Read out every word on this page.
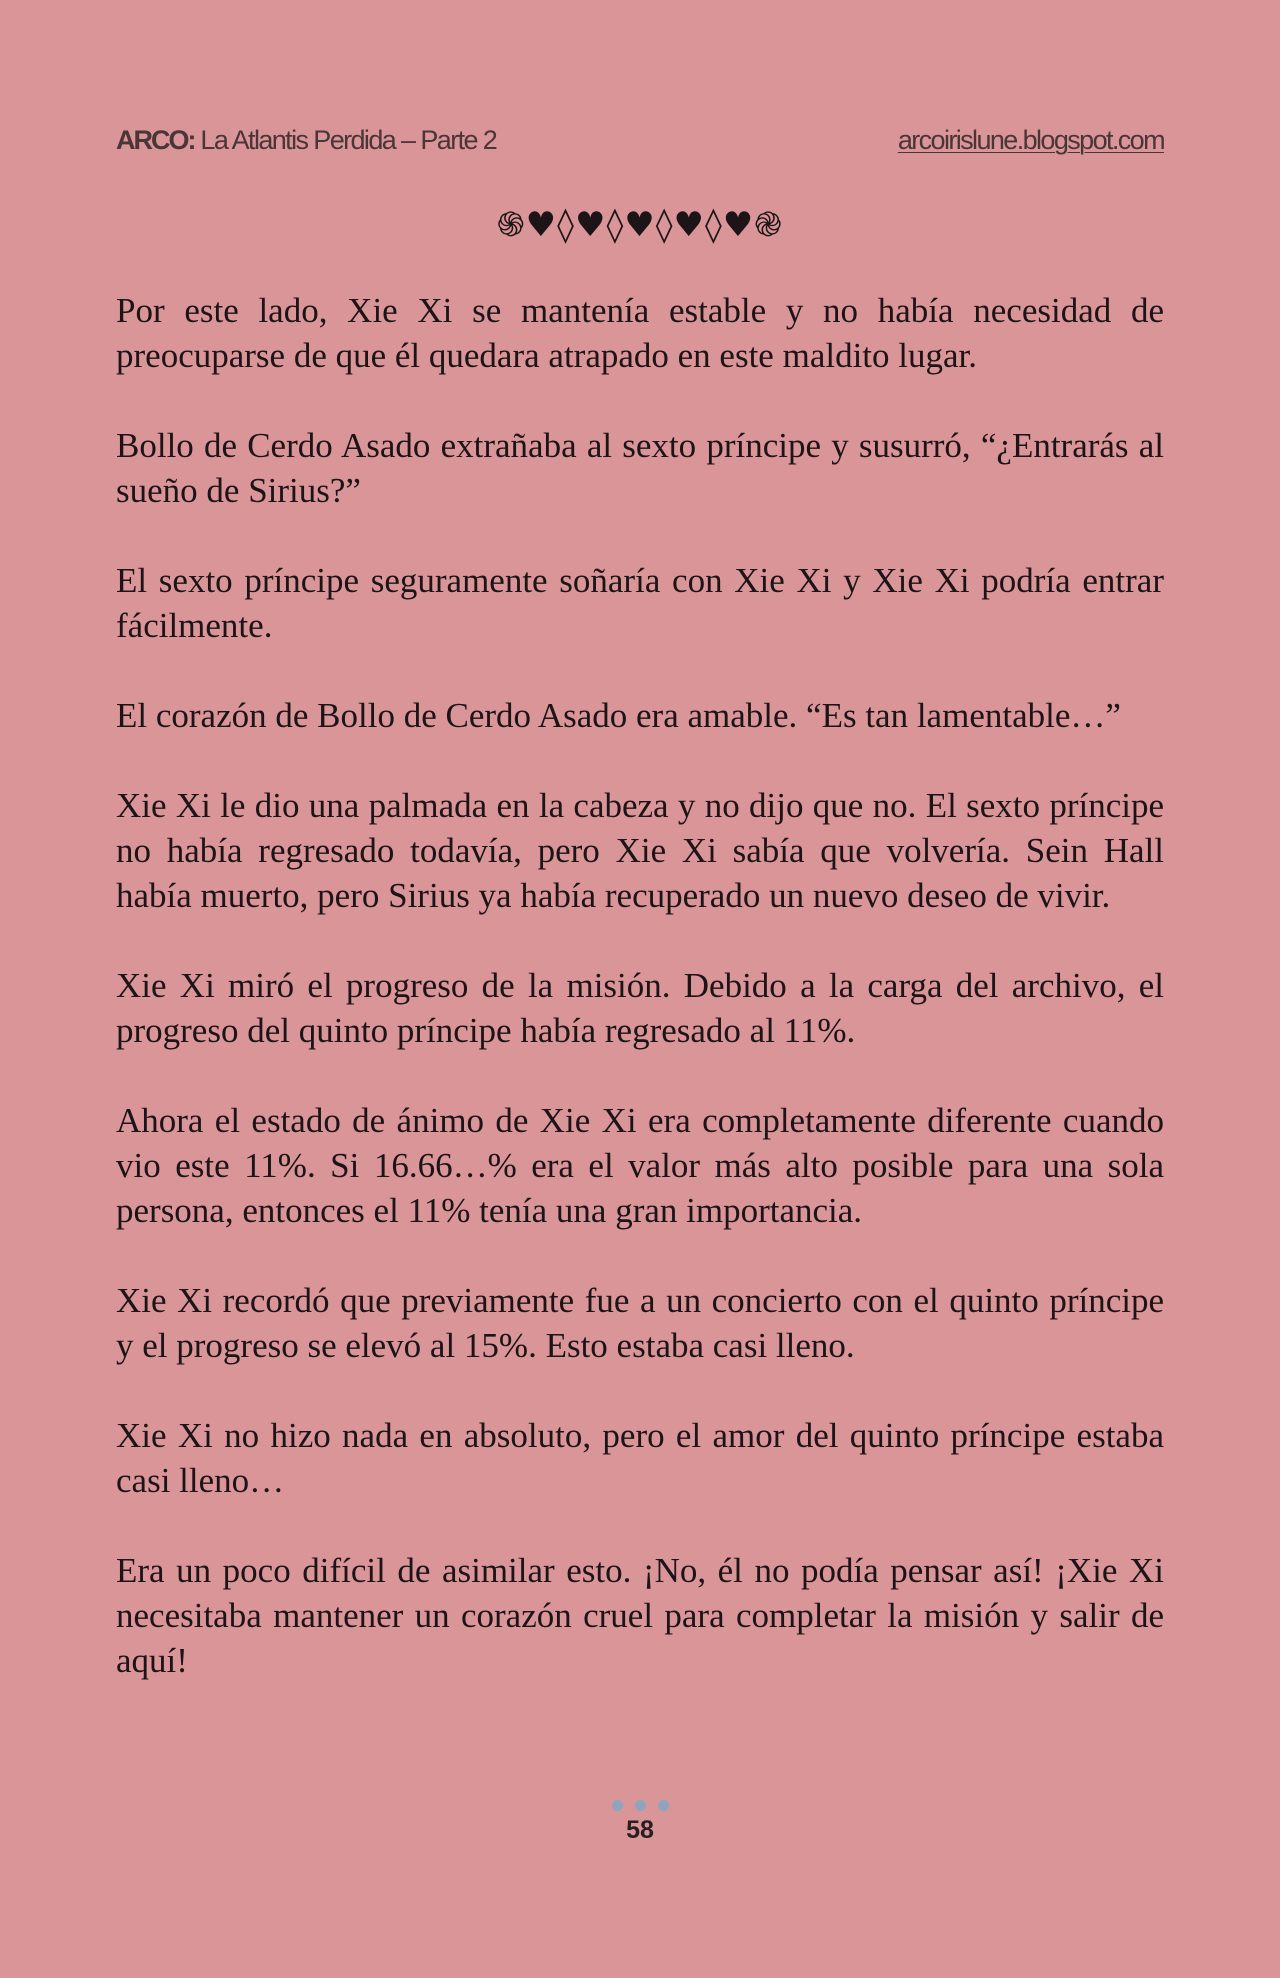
ARCO: La Atlantis Perdida – Parte 2	arcoirislune.blogspot.com
֍♥◊♥◊♥◊♥◊♥֎

Por este lado, Xie Xi se mantenía estable y no había necesidad de preocuparse de que él quedara atrapado en este maldito lugar.

Bollo de Cerdo Asado extrañaba al sexto príncipe y susurró, “¿Entrarás al sueño de Sirius?”

El sexto príncipe seguramente soñaría con Xie Xi y Xie Xi podría entrar fácilmente.

El corazón de Bollo de Cerdo Asado era amable. “Es tan lamentable…”

Xie Xi le dio una palmada en la cabeza y no dijo que no. El sexto príncipe no había regresado todavía, pero Xie Xi sabía que volvería. Sein Hall había muerto, pero Sirius ya había recuperado un nuevo deseo de vivir.

Xie Xi miró el progreso de la misión. Debido a la carga del archivo, el progreso del quinto príncipe había regresado al 11%.

Ahora el estado de ánimo de Xie Xi era completamente diferente cuando vio este 11%. Si 16.66…% era el valor más alto posible para una sola persona, entonces el 11% tenía una gran importancia.

Xie Xi recordó que previamente fue a un concierto con el quinto príncipe y el progreso se elevó al 15%. Esto estaba casi lleno.

Xie Xi no hizo nada en absoluto, pero el amor del quinto príncipe estaba casi lleno…

Era un poco difícil de asimilar esto. ¡No, él no podía pensar así! ¡Xie Xi necesitaba mantener un corazón cruel para completar la misión y salir de aquí!

58
